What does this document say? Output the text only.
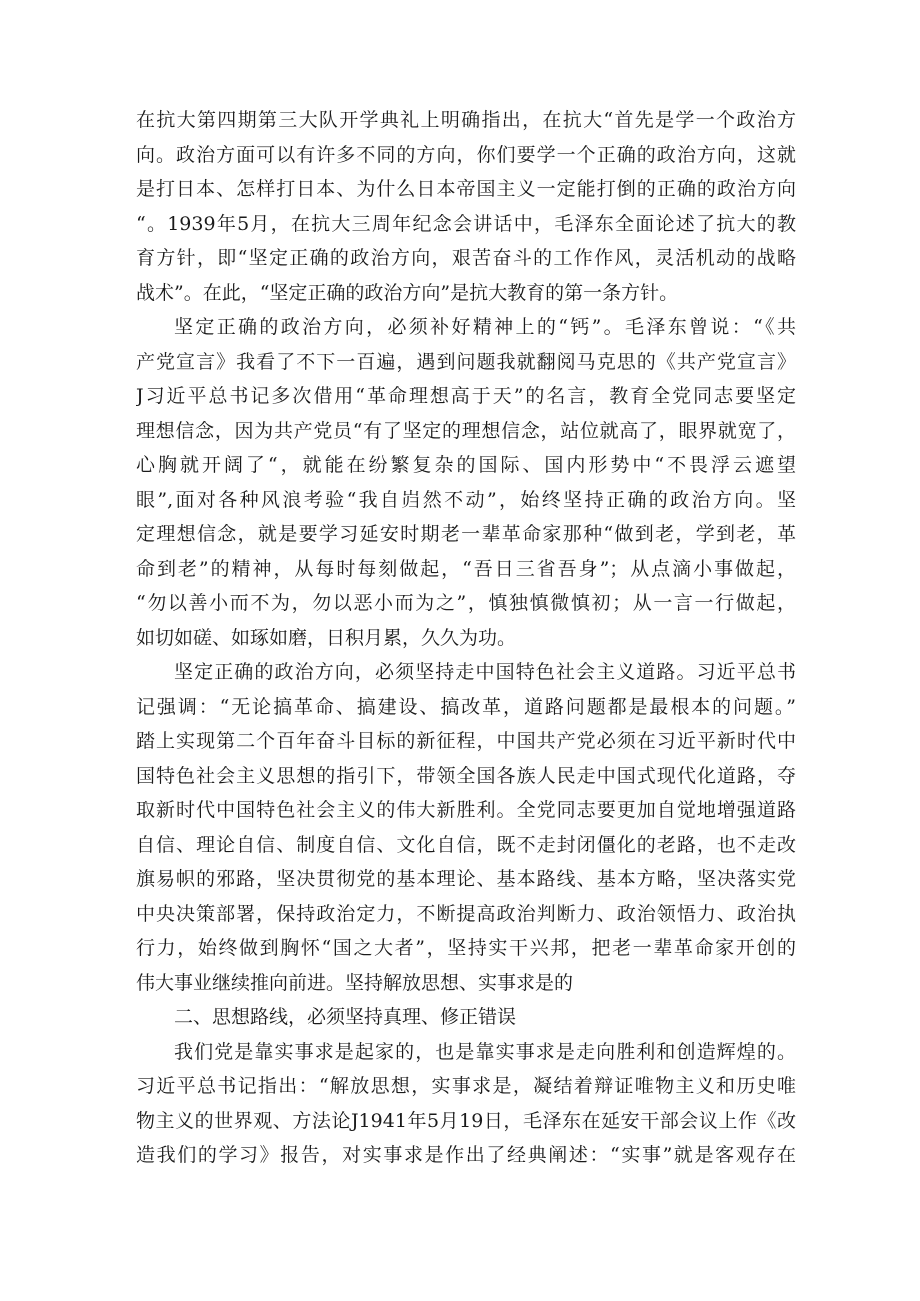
在抗大第四期第三大队开学典礼上明确指出，在抗大“首先是学一个政治方
向。政治方面可以有许多不同的方向，你们要学一个正确的政治方向，这就
是打日本、怎样打日本、为什么日本帝国主义一定能打倒的正确的政治方向
“。1939年5月，在抗大三周年纪念会讲话中，毛泽东全面论述了抗大的教
育方针，即“坚定正确的政治方向，艰苦奋斗的工作作风，灵活机动的战略
战术”。在此，“坚定正确的政治方向”是抗大教育的第一条方针。
坚定正确的政治方向，必须补好精神上的“钙”。毛泽东曾说：“《共
产党宣言》我看了不下一百遍，遇到问题我就翻阅马克思的《共产党宣言》
J习近平总书记多次借用“革命理想高于天”的名言，教育全党同志要坚定
理想信念，因为共产党员“有了坚定的理想信念，站位就高了，眼界就宽了，
心胸就开阔了“，就能在纷繁复杂的国际、国内形势中“不畏浮云遮望
眼”,面对各种风浪考验“我自岿然不动”，始终坚持正确的政治方向。坚
定理想信念，就是要学习延安时期老一辈革命家那种“做到老，学到老，革
命到老”的精神，从每时每刻做起，“吾日三省吾身”；从点滴小事做起，
“勿以善小而不为，勿以恶小而为之”，慎独慎微慎初；从一言一行做起，
如切如磋、如琢如磨，日积月累，久久为功。
坚定正确的政治方向，必须坚持走中国特色社会主义道路。习近平总书
记强调：“无论搞革命、搞建设、搞改革，道路问题都是最根本的问题。”
踏上实现第二个百年奋斗目标的新征程，中国共产党必须在习近平新时代中
国特色社会主义思想的指引下，带领全国各族人民走中国式现代化道路，夺
取新时代中国特色社会主义的伟大新胜利。全党同志要更加自觉地增强道路
自信、理论自信、制度自信、文化自信，既不走封闭僵化的老路，也不走改
旗易帜的邪路，坚决贯彻党的基本理论、基本路线、基本方略，坚决落实党
中央决策部署，保持政治定力，不断提高政治判断力、政治领悟力、政治执
行力，始终做到胸怀“国之大者”，坚持实干兴邦，把老一辈革命家开创的
伟大事业继续推向前进。坚持解放思想、实事求是的
二、思想路线，必须坚持真理、修正错误
我们党是靠实事求是起家的，也是靠实事求是走向胜利和创造辉煌的。
习近平总书记指出：“解放思想，实事求是，凝结着辩证唯物主义和历史唯
物主义的世界观、方法论J1941年5月19日，毛泽东在延安干部会议上作《改
造我们的学习》报告，对实事求是作出了经典阐述：“实事”就是客观存在
